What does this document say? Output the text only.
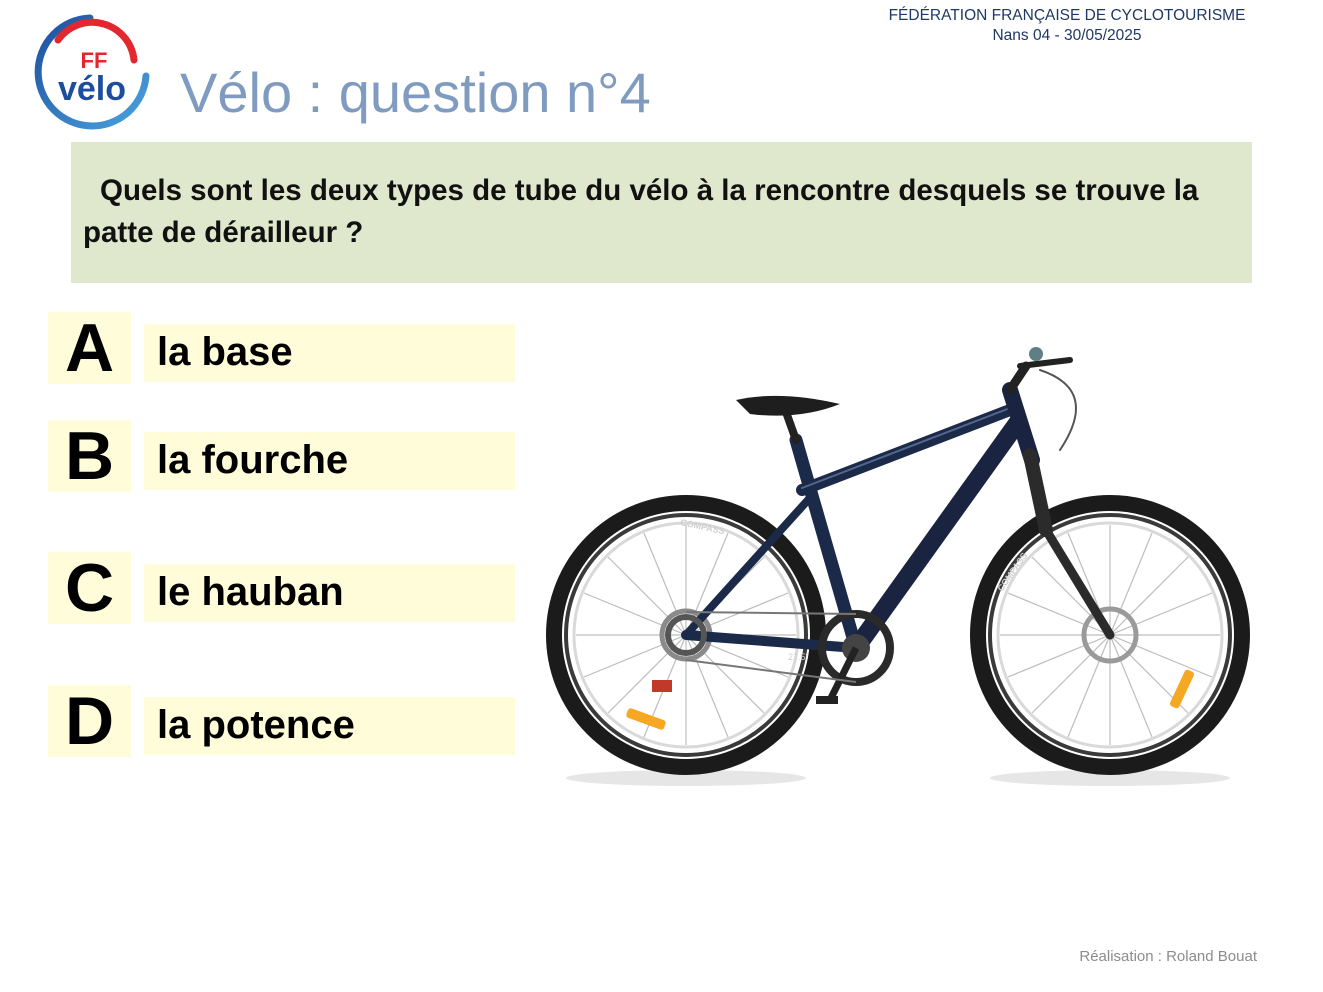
FF
vélo
FÉDÉRATION FRANÇAISE DE CYCLOTOURISME
Nans 04 - 30/05/2025
Vélo : question n°4
Quels sont les deux types de tube du vélo à la rencontre desquels se trouve la patte de dérailleur ?
A	la base
B	la fourche
C	le hauban
D	la potence
COMPASS
COMPASS
27.5"
Réalisation : Roland Bouat
